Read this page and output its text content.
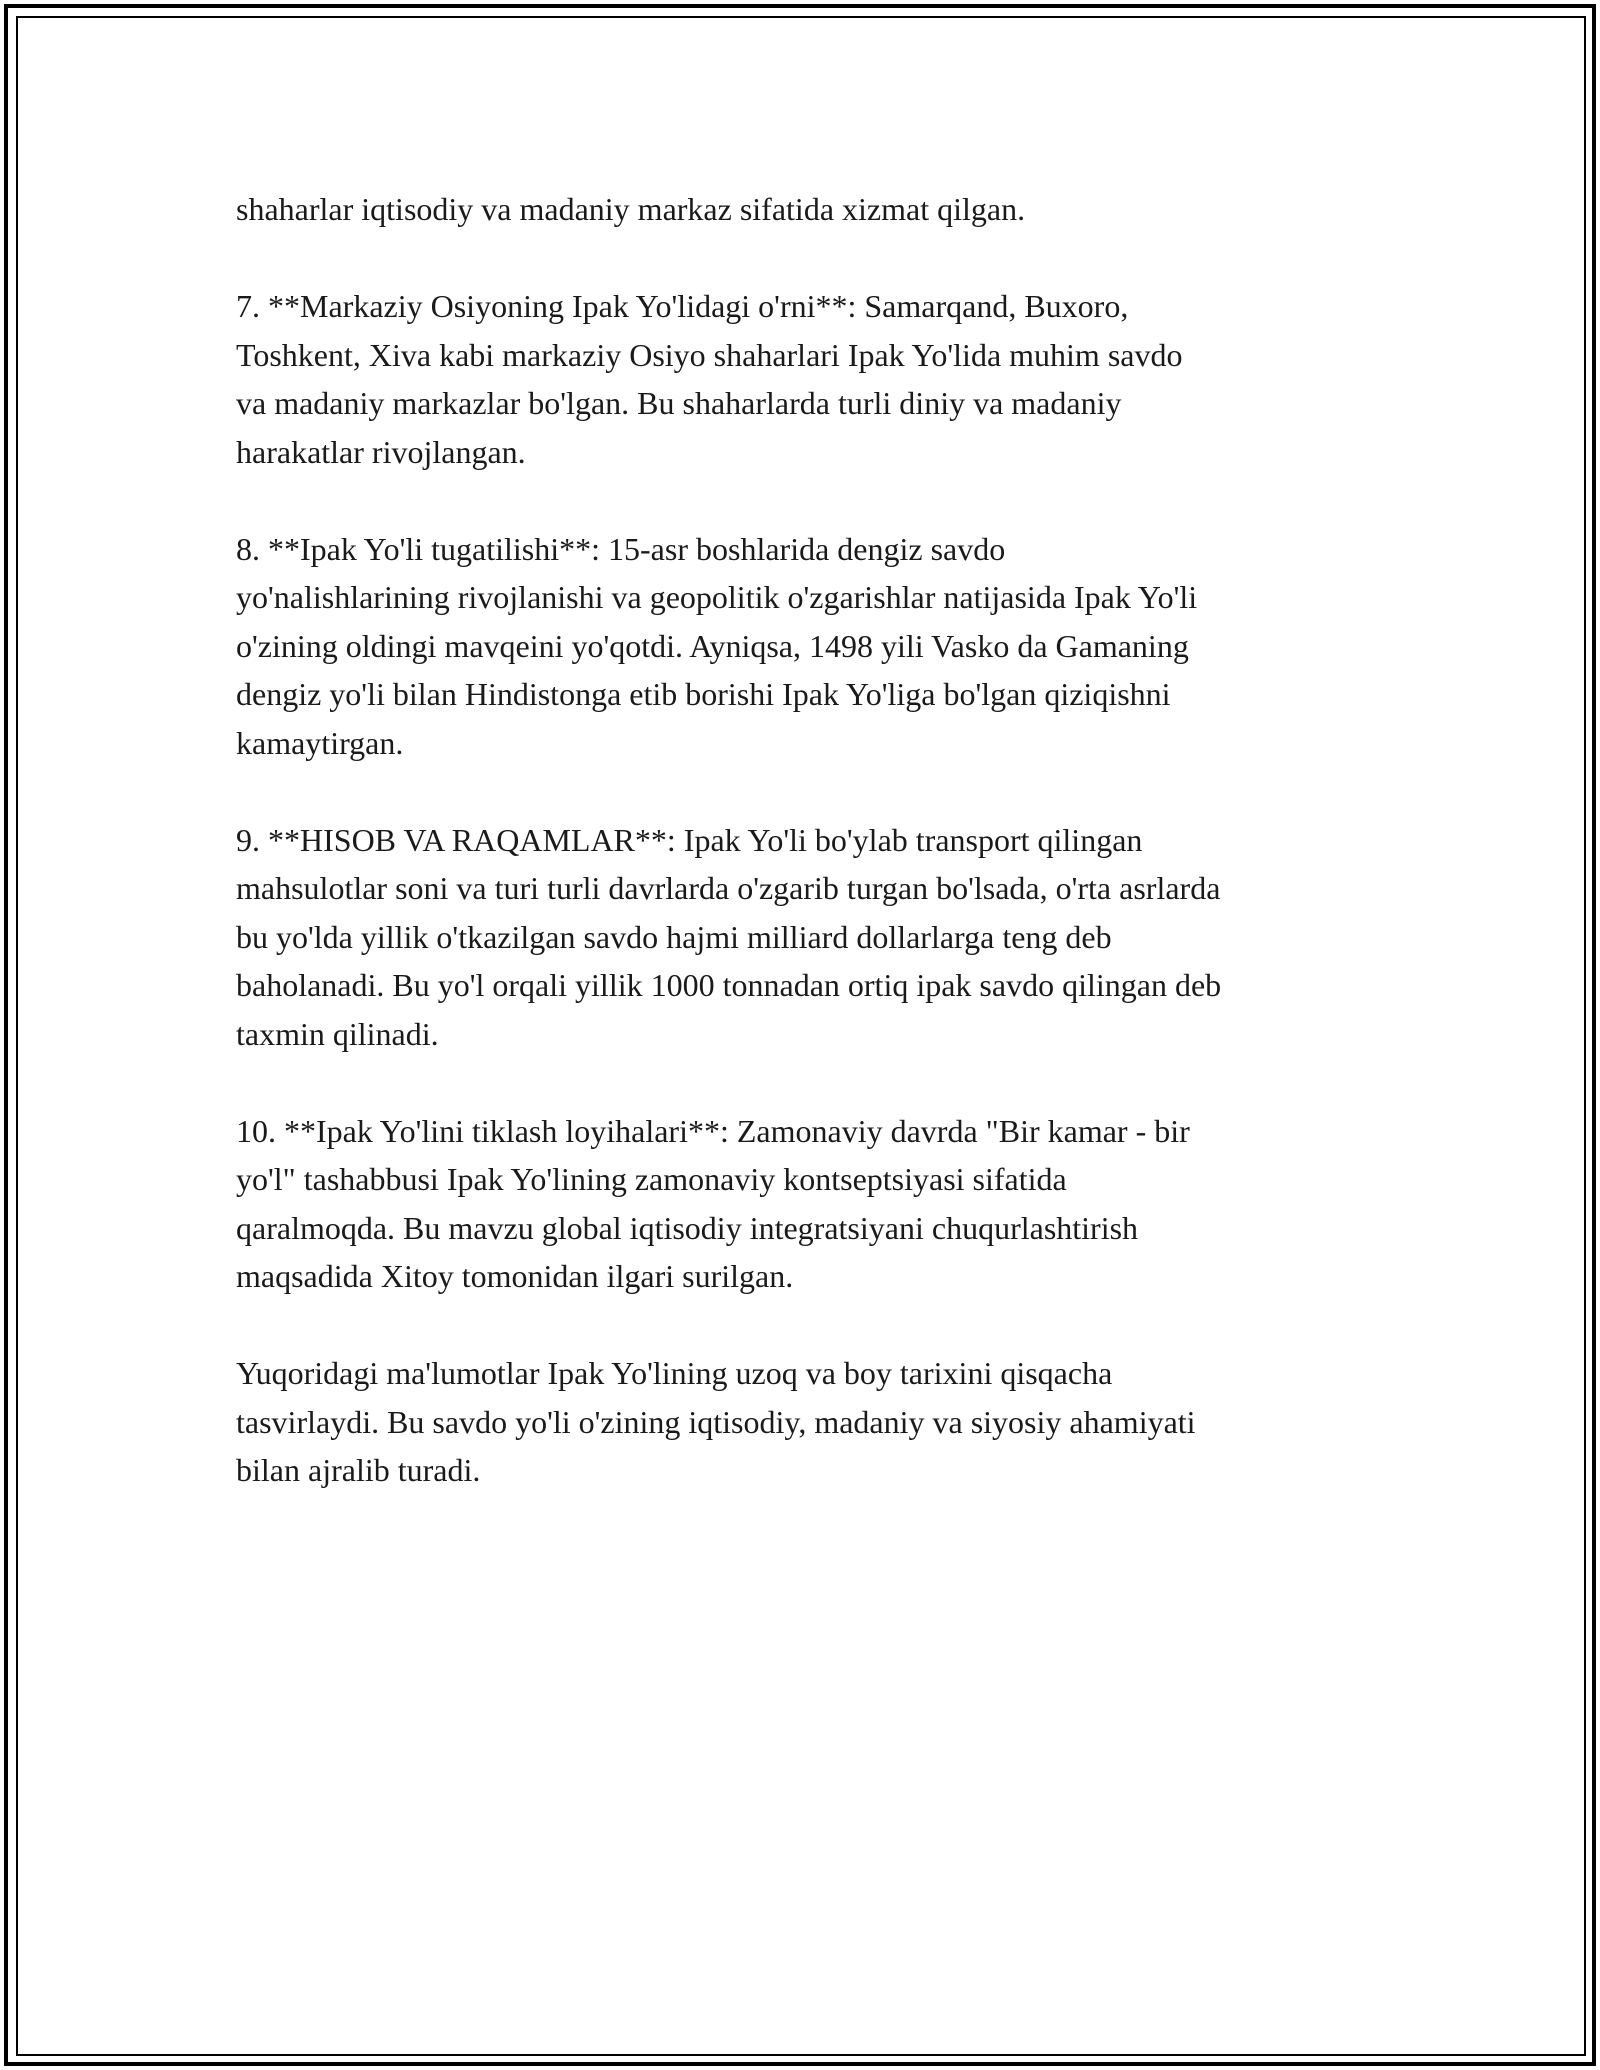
shaharlar iqtisodiy va madaniy markaz sifatida xizmat qilgan.

7. **Markaziy Osiyoning Ipak Yo'lidagi o'rni**: Samarqand, Buxoro,
Toshkent, Xiva kabi markaziy Osiyo shaharlari Ipak Yo'lida muhim savdo
va madaniy markazlar bo'lgan. Bu shaharlarda turli diniy va madaniy
harakatlar rivojlangan.

8. **Ipak Yo'li tugatilishi**: 15-asr boshlarida dengiz savdo
yo'nalishlarining rivojlanishi va geopolitik o'zgarishlar natijasida Ipak Yo'li
o'zining oldingi mavqeini yo'qotdi. Ayniqsa, 1498 yili Vasko da Gamaning
dengiz yo'li bilan Hindistonga etib borishi Ipak Yo'liga bo'lgan qiziqishni
kamaytirgan.

9. **HISOB VA RAQAMLAR**: Ipak Yo'li bo'ylab transport qilingan
mahsulotlar soni va turi turli davrlarda o'zgarib turgan bo'lsada, o'rta asrlarda
bu yo'lda yillik o'tkazilgan savdo hajmi milliard dollarlarga teng deb
baholanadi. Bu yo'l orqali yillik 1000 tonnadan ortiq ipak savdo qilingan deb
taxmin qilinadi.

10. **Ipak Yo'lini tiklash loyihalari**: Zamonaviy davrda "Bir kamar - bir
yo'l" tashabbusi Ipak Yo'lining zamonaviy kontseptsiyasi sifatida
qaralmoqda. Bu mavzu global iqtisodiy integratsiyani chuqurlashtirish
maqsadida Xitoy tomonidan ilgari surilgan.

Yuqoridagi ma'lumotlar Ipak Yo'lining uzoq va boy tarixini qisqacha
tasvirlaydi. Bu savdo yo'li o'zining iqtisodiy, madaniy va siyosiy ahamiyati
bilan ajralib turadi.
